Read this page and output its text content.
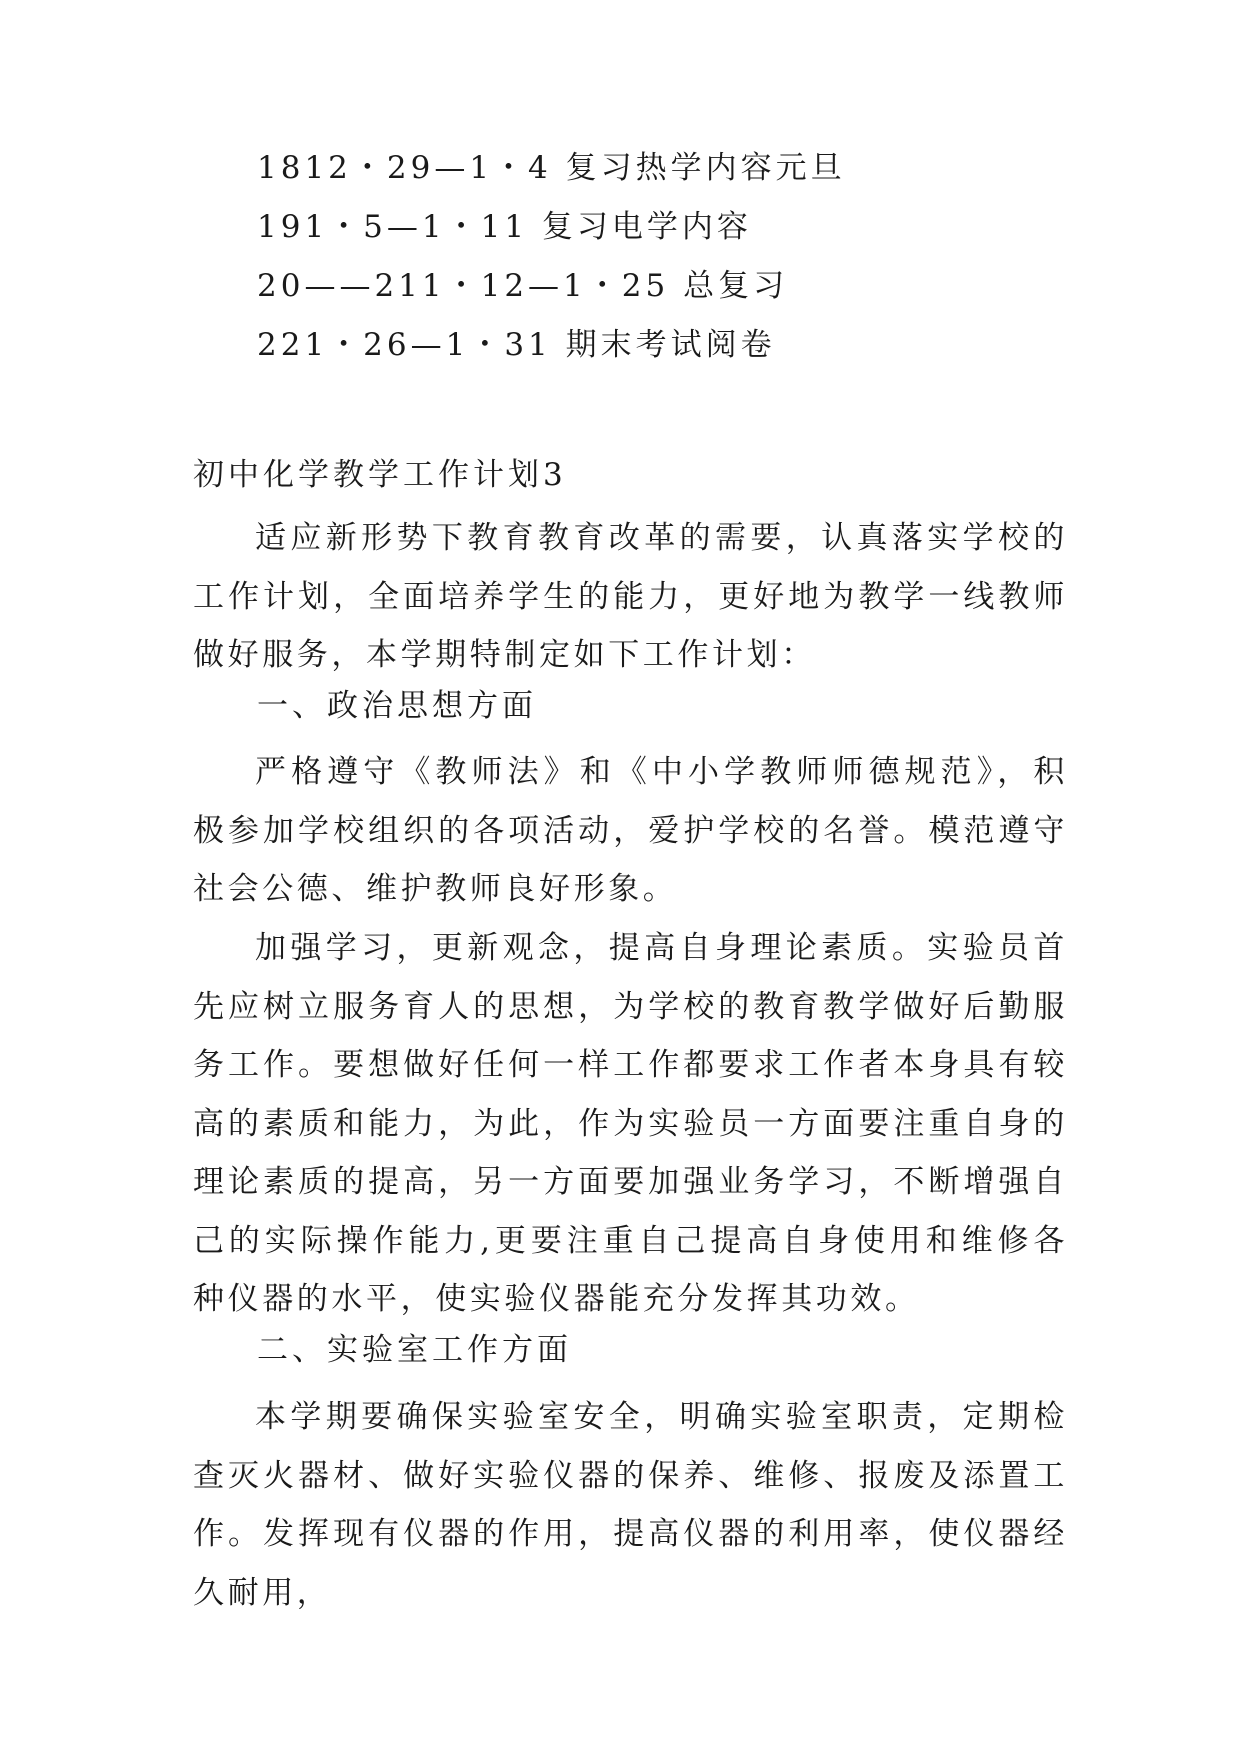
1812・29—1・4 复习热学内容元旦
191・5—1・11 复习电学内容
20——211・12—1・25 总复习
221・26—1・31 期末考试阅卷
初中化学教学工作计划3

适应新形势下教育教育改革的需要，认真落实学校的工作计划，全面培养学生的能力，更好地为教学一线教师做好服务，本学期特制定如下工作计划：

一、政治思想方面

严格遵守《教师法》和《中小学教师师德规范》，积极参加学校组织的各项活动，爱护学校的名誉。模范遵守社会公德、维护教师良好形象。

加强学习，更新观念，提高自身理论素质。实验员首先应树立服务育人的思想，为学校的教育教学做好后勤服务工作。要想做好任何一样工作都要求工作者本身具有较高的素质和能力，为此，作为实验员一方面要注重自身的理论素质的提高，另一方面要加强业务学习，不断增强自己的实际操作能力,更要注重自己提高自身使用和维修各种仪器的水平，使实验仪器能充分发挥其功效。

二、实验室工作方面

本学期要确保实验室安全，明确实验室职责，定期检查灭火器材、做好实验仪器的保养、维修、报废及添置工作。发挥现有仪器的作用，提高仪器的利用率，使仪器经久耐用，
